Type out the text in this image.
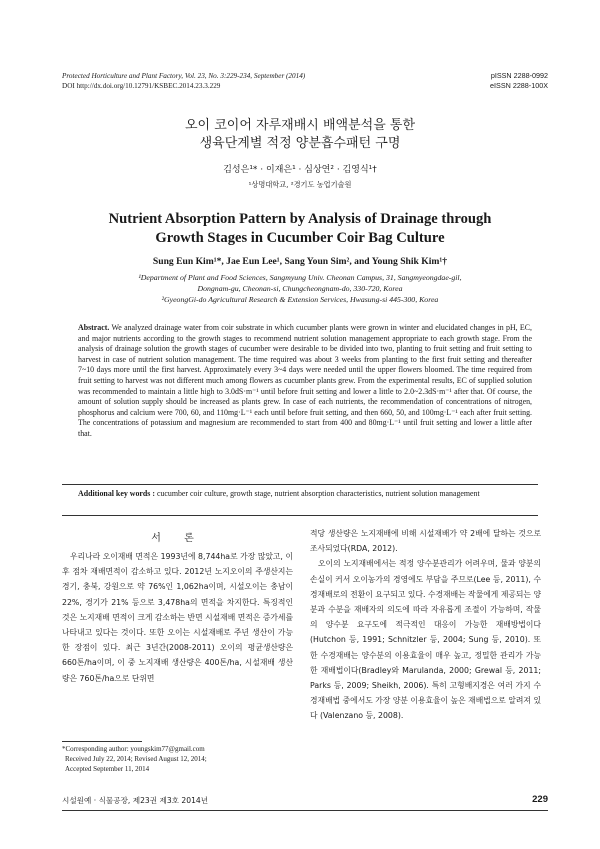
Protected Horticulture and Plant Factory, Vol. 23, No. 3:229-234, September (2014)
DOI http://dx.doi.org/10.12791/KSBEC.2014.23.3.229
pISSN 2288-0992
eISSN 2288-100X
오이 코이어 자루재배시 배액분석을 통한
생육단계별 적정 양분흡수패턴 구명
김성은¹* · 이재은¹ · 심상연² · 김영식¹†
¹상명대학교, ²경기도 농업기술원
Nutrient Absorption Pattern by Analysis of Drainage through
Growth Stages in Cucumber Coir Bag Culture
Sung Eun Kim¹*, Jae Eun Lee¹, Sang Youn Sim², and Young Shik Kim¹†
¹Department of Plant and Food Sciences, Sangmyung Univ. Cheonan Campus, 31, Sangmyeongdae-gil,
Dongnam-gu, Cheonan-si, Chungcheongnam-do, 330-720, Korea
²GyeongGi-do Agricultural Research & Extension Services, Hwasung-si 445-300, Korea
Abstract. We analyzed drainage water from coir substrate in which cucumber plants were grown in winter and elucidated changes in pH, EC, and major nutrients according to the growth stages to recommend nutrient solution management appropriate to each growth stage. From the analysis of drainage solution the growth stages of cucumber were desirable to be divided into two, planting to fruit setting and fruit setting to harvest in case of nutrient solution management. The time required was about 3 weeks from planting to the first fruit setting and thereafter 7~10 days more until the first harvest. Approximately every 3~4 days were needed until the upper flowers bloomed. The time required from fruit setting to harvest was not different much among flowers as cucumber plants grew. From the experimental results, EC of supplied solution was recommended to maintain a little high to 3.0dS·m⁻¹ until before fruit setting and lower a little to 2.0~2.3dS·m⁻¹ after that. Of course, the amount of solution supply should be increased as plants grew. In case of each nutrients, the recommendation of concentrations of nitrogen, phosphorus and calcium were 700, 60, and 110mg·L⁻¹ each until before fruit setting, and then 660, 50, and 100mg·L⁻¹ each after fruit setting. The concentrations of potassium and magnesium are recommended to start from 400 and 80mg·L⁻¹ until fruit setting and lower a little after that.
Additional key words : cucumber coir culture, growth stage, nutrient absorption characteristics, nutrient solution management
서 론

우리나라 오이재배 면적은 1993년에 8,744ha로 가장 많았고, 이후 점차 재배면적이 감소하고 있다. 2012년 노지오이의 주생산지는 경기, 충북, 강원으로 약 76%인 1,062ha이며, 시설오이는 충남이 22%, 경기가 21% 등으로 3,478ha의 면적을 차지한다. 특징적인 것은 노지재배 면적이 크게 감소하는 반면 시설재배 면적은 증가세를 나타내고 있다는 것이다. 또한 오이는 시설재배로 주년 생산이 가능한 장점이 있다. 최근 3년간(2008-2011) 오이의 평균생산량은 660톤/ha이며, 이 중 노지재배 생산량은 400톤/ha, 시설재배 생산량은 760톤/ha으로 단위면

적당 생산량은 노지재배에 비해 시설재배가 약 2배에 달하는 것으로 조사되었다(RDA, 2012).

오이의 노지재배에서는 적정 양수분관리가 어려우며, 물과 양분의 손실이 커서 오이농가의 경영에도 부담을 주므로(Lee 등, 2011), 수경재배로의 전환이 요구되고 있다. 수경재배는 작물에게 제공되는 양분과 수분을 재배자의 의도에 따라 자유롭게 조절이 가능하며, 작물의 양수분 요구도에 적극적인 대응이 가능한 재배방법이다 (Hutchon 등, 1991; Schnitzler 등, 2004; Sung 등, 2010). 또한 수경재배는 양수분의 이용효율이 매우 높고, 정밀한 관리가 가능한 재배법이다(Bradley와 Marulanda, 2000; Grewal 등, 2011; Parks 등, 2009; Sheikh, 2006). 특히 고형배지경은 여러 가지 수경재배법 중에서도 가장 양분 이용효율이 높은 재배법으로 알려져 있다 (Valenzano 등, 2008).

*Corresponding author: youngskim77@gmail.com
Received July 22, 2014; Revised August 12, 2014;
Accepted September 11, 2014
시설원예 · 식물공장, 제23권 제3호 2014년	229
